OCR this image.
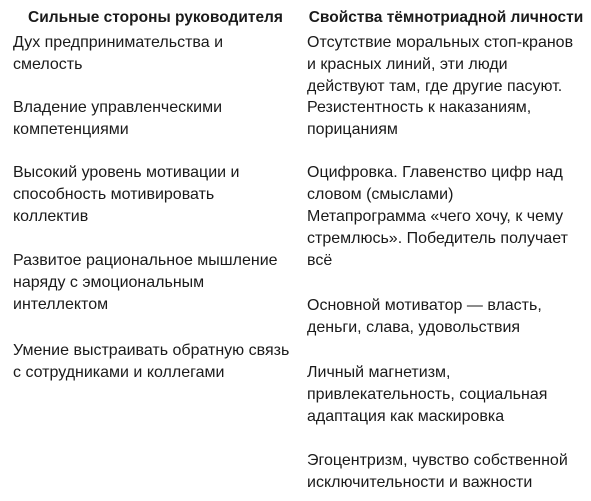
Сильные стороны руководителя
Дух предпринимательства и
смелость
Владение управленческими
компетенциями
Высокий уровень мотивации и
способность мотивировать
коллектив
Развитое рациональное мышление
наряду с эмоциональным
интеллектом
Умение выстраивать обратную связь
с сотрудниками и коллегами
Свойства тёмнотриадной личности
Отсутствие моральных стоп-кранов
и красных линий, эти люди
действуют там, где другие пасуют.
Резистентность к наказаниям,
порицаниям
Оцифровка. Главенство цифр над
словом (смыслами)
Метапрограмма «чего хочу, к чему
стремлюсь». Победитель получает
всё
Основной мотиватор — власть,
деньги, слава, удовольствия
Личный магнетизм,
привлекательность, социальная
адаптация как маскировка
Эгоцентризм, чувство собственной
исключительности и важности
